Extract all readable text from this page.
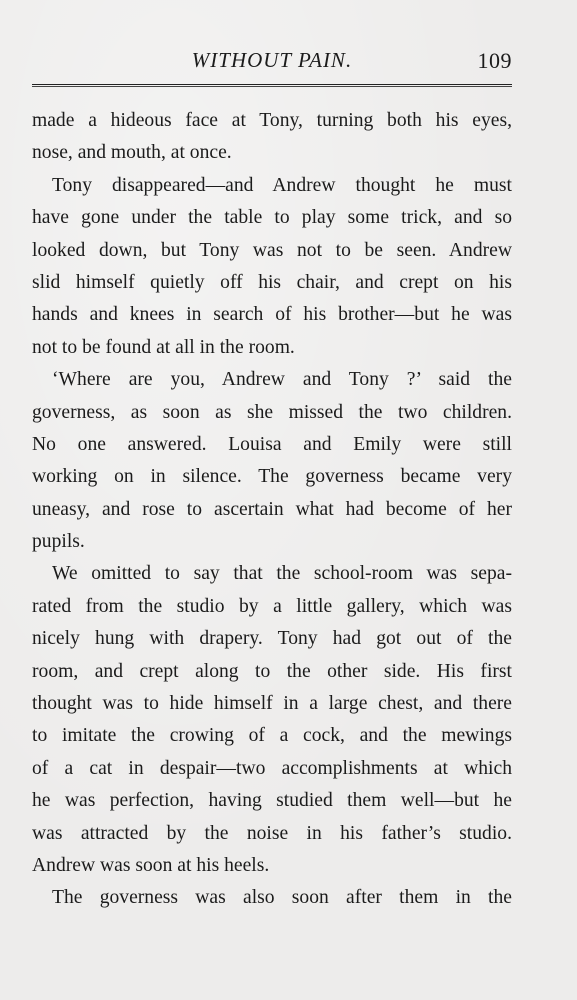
WITHOUT PAIN.	109
made a hideous face at Tony, turning both his eyes,
nose, and mouth, at once.
Tony disappeared—and Andrew thought he must
have gone under the table to play some trick, and so
looked down, but Tony was not to be seen. Andrew
slid himself quietly off his chair, and crept on his
hands and knees in search of his brother—but he was
not to be found at all in the room.
‘Where are you, Andrew and Tony ?’ said the
governess, as soon as she missed the two children.
No one answered. Louisa and Emily were still
working on in silence. The governess became very
uneasy, and rose to ascertain what had become of her
pupils.
We omitted to say that the school-room was sepa-
rated from the studio by a little gallery, which was
nicely hung with drapery. Tony had got out of the
room, and crept along to the other side. His first
thought was to hide himself in a large chest, and there
to imitate the crowing of a cock, and the mewings
of a cat in despair—two accomplishments at which
he was perfection, having studied them well—but he
was attracted by the noise in his father’s studio.
Andrew was soon at his heels.
The governess was also soon after them in the
